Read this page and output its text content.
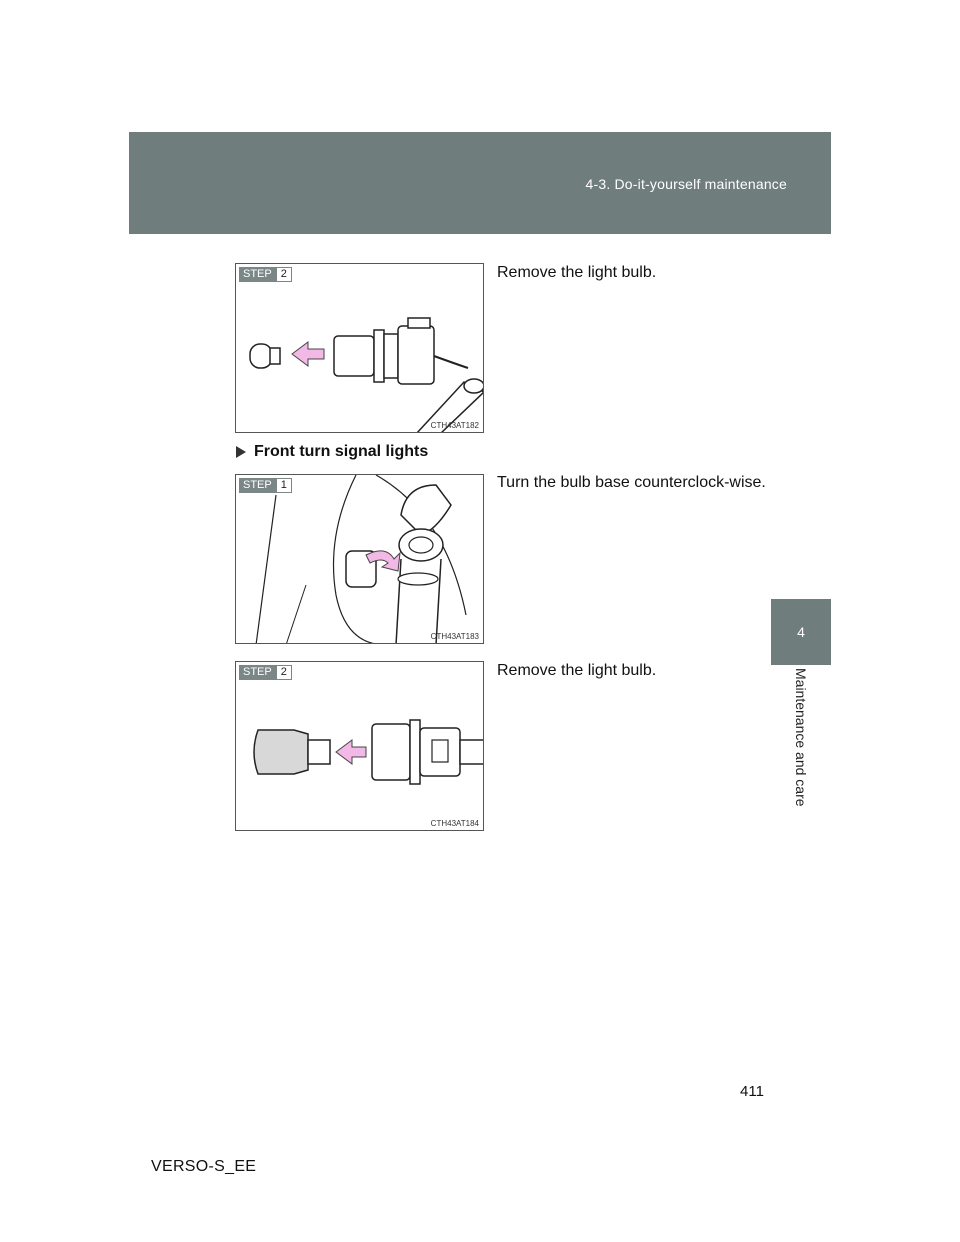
4-3. Do-it-yourself maintenance
4
Maintenance and care
STEP 2
CTH43AT182
Remove the light bulb.
Front turn signal lights
STEP 1
CTH43AT183
Turn the bulb base counterclock-wise.
STEP 2
CTH43AT184
Remove the light bulb.
411
VERSO-S_EE
